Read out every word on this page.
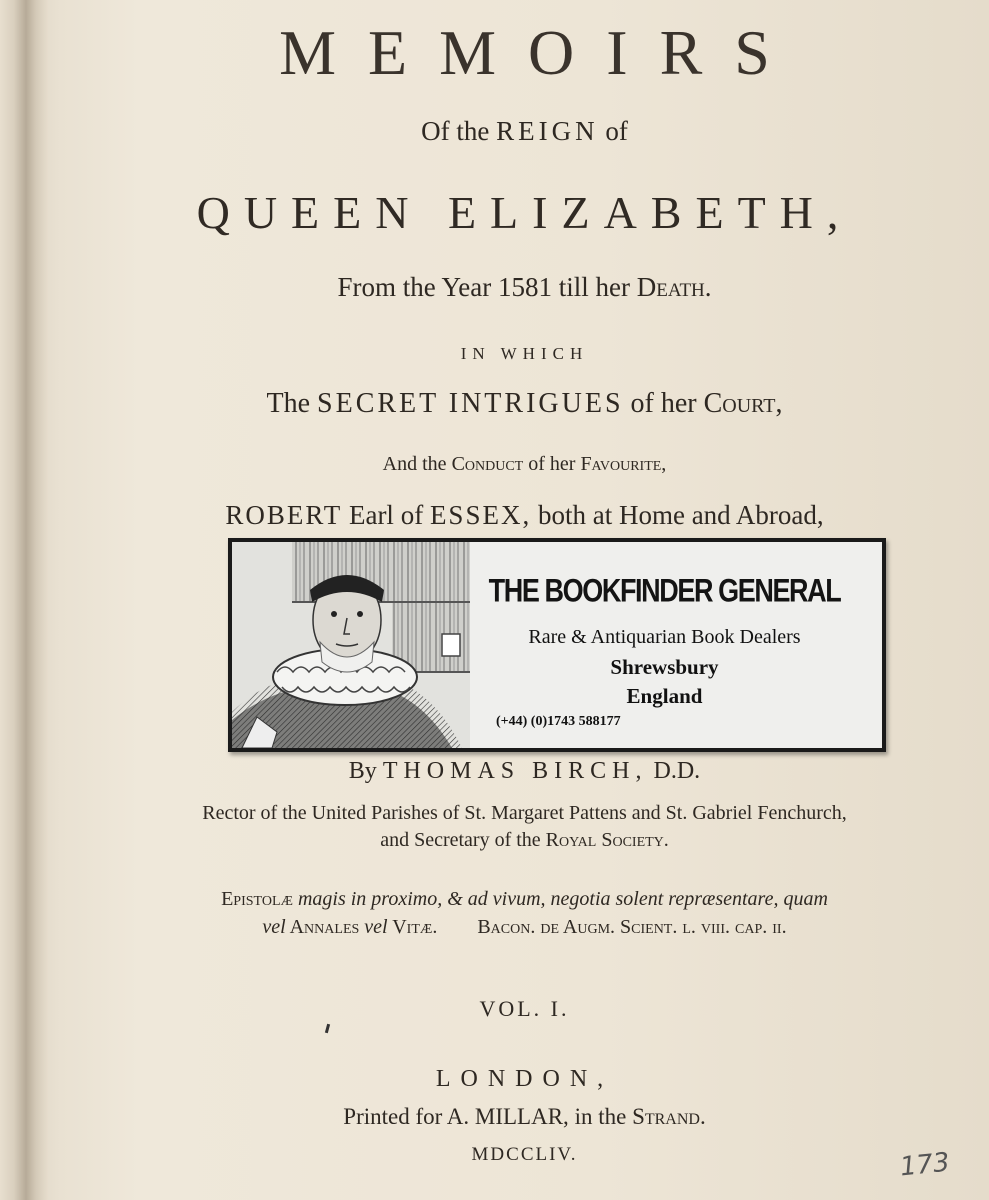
MEMOIRS
Of the REIGN of
QUEEN ELIZABETH,
From the Year 1581 till her Death.
IN WHICH
The SECRET INTRIGUES of her Court,
And the Conduct of her Favourite,
ROBERT Earl of ESSEX, both at Home and Abroad,
THE BOOKFINDER GENERAL
Rare & Antiquarian Book Dealers
Shrewsbury
England
(+44) (0)1743 588177
By THOMAS BIRCH, D.D.
Rector of the United Parishes of St. Margaret Pattens and St. Gabriel Fenchurch,
and Secretary of the Royal Society.
Epistolæ magis in proximo, & ad vivum, negotia solent repræsentare, quam
vel Annales vel Vitæ.        Bacon. de Augm. Scient. l. viii. cap. ii.
VOL. I.
LONDON,
Printed for A. MILLAR, in the Strand.
MDCCLIV.	173
